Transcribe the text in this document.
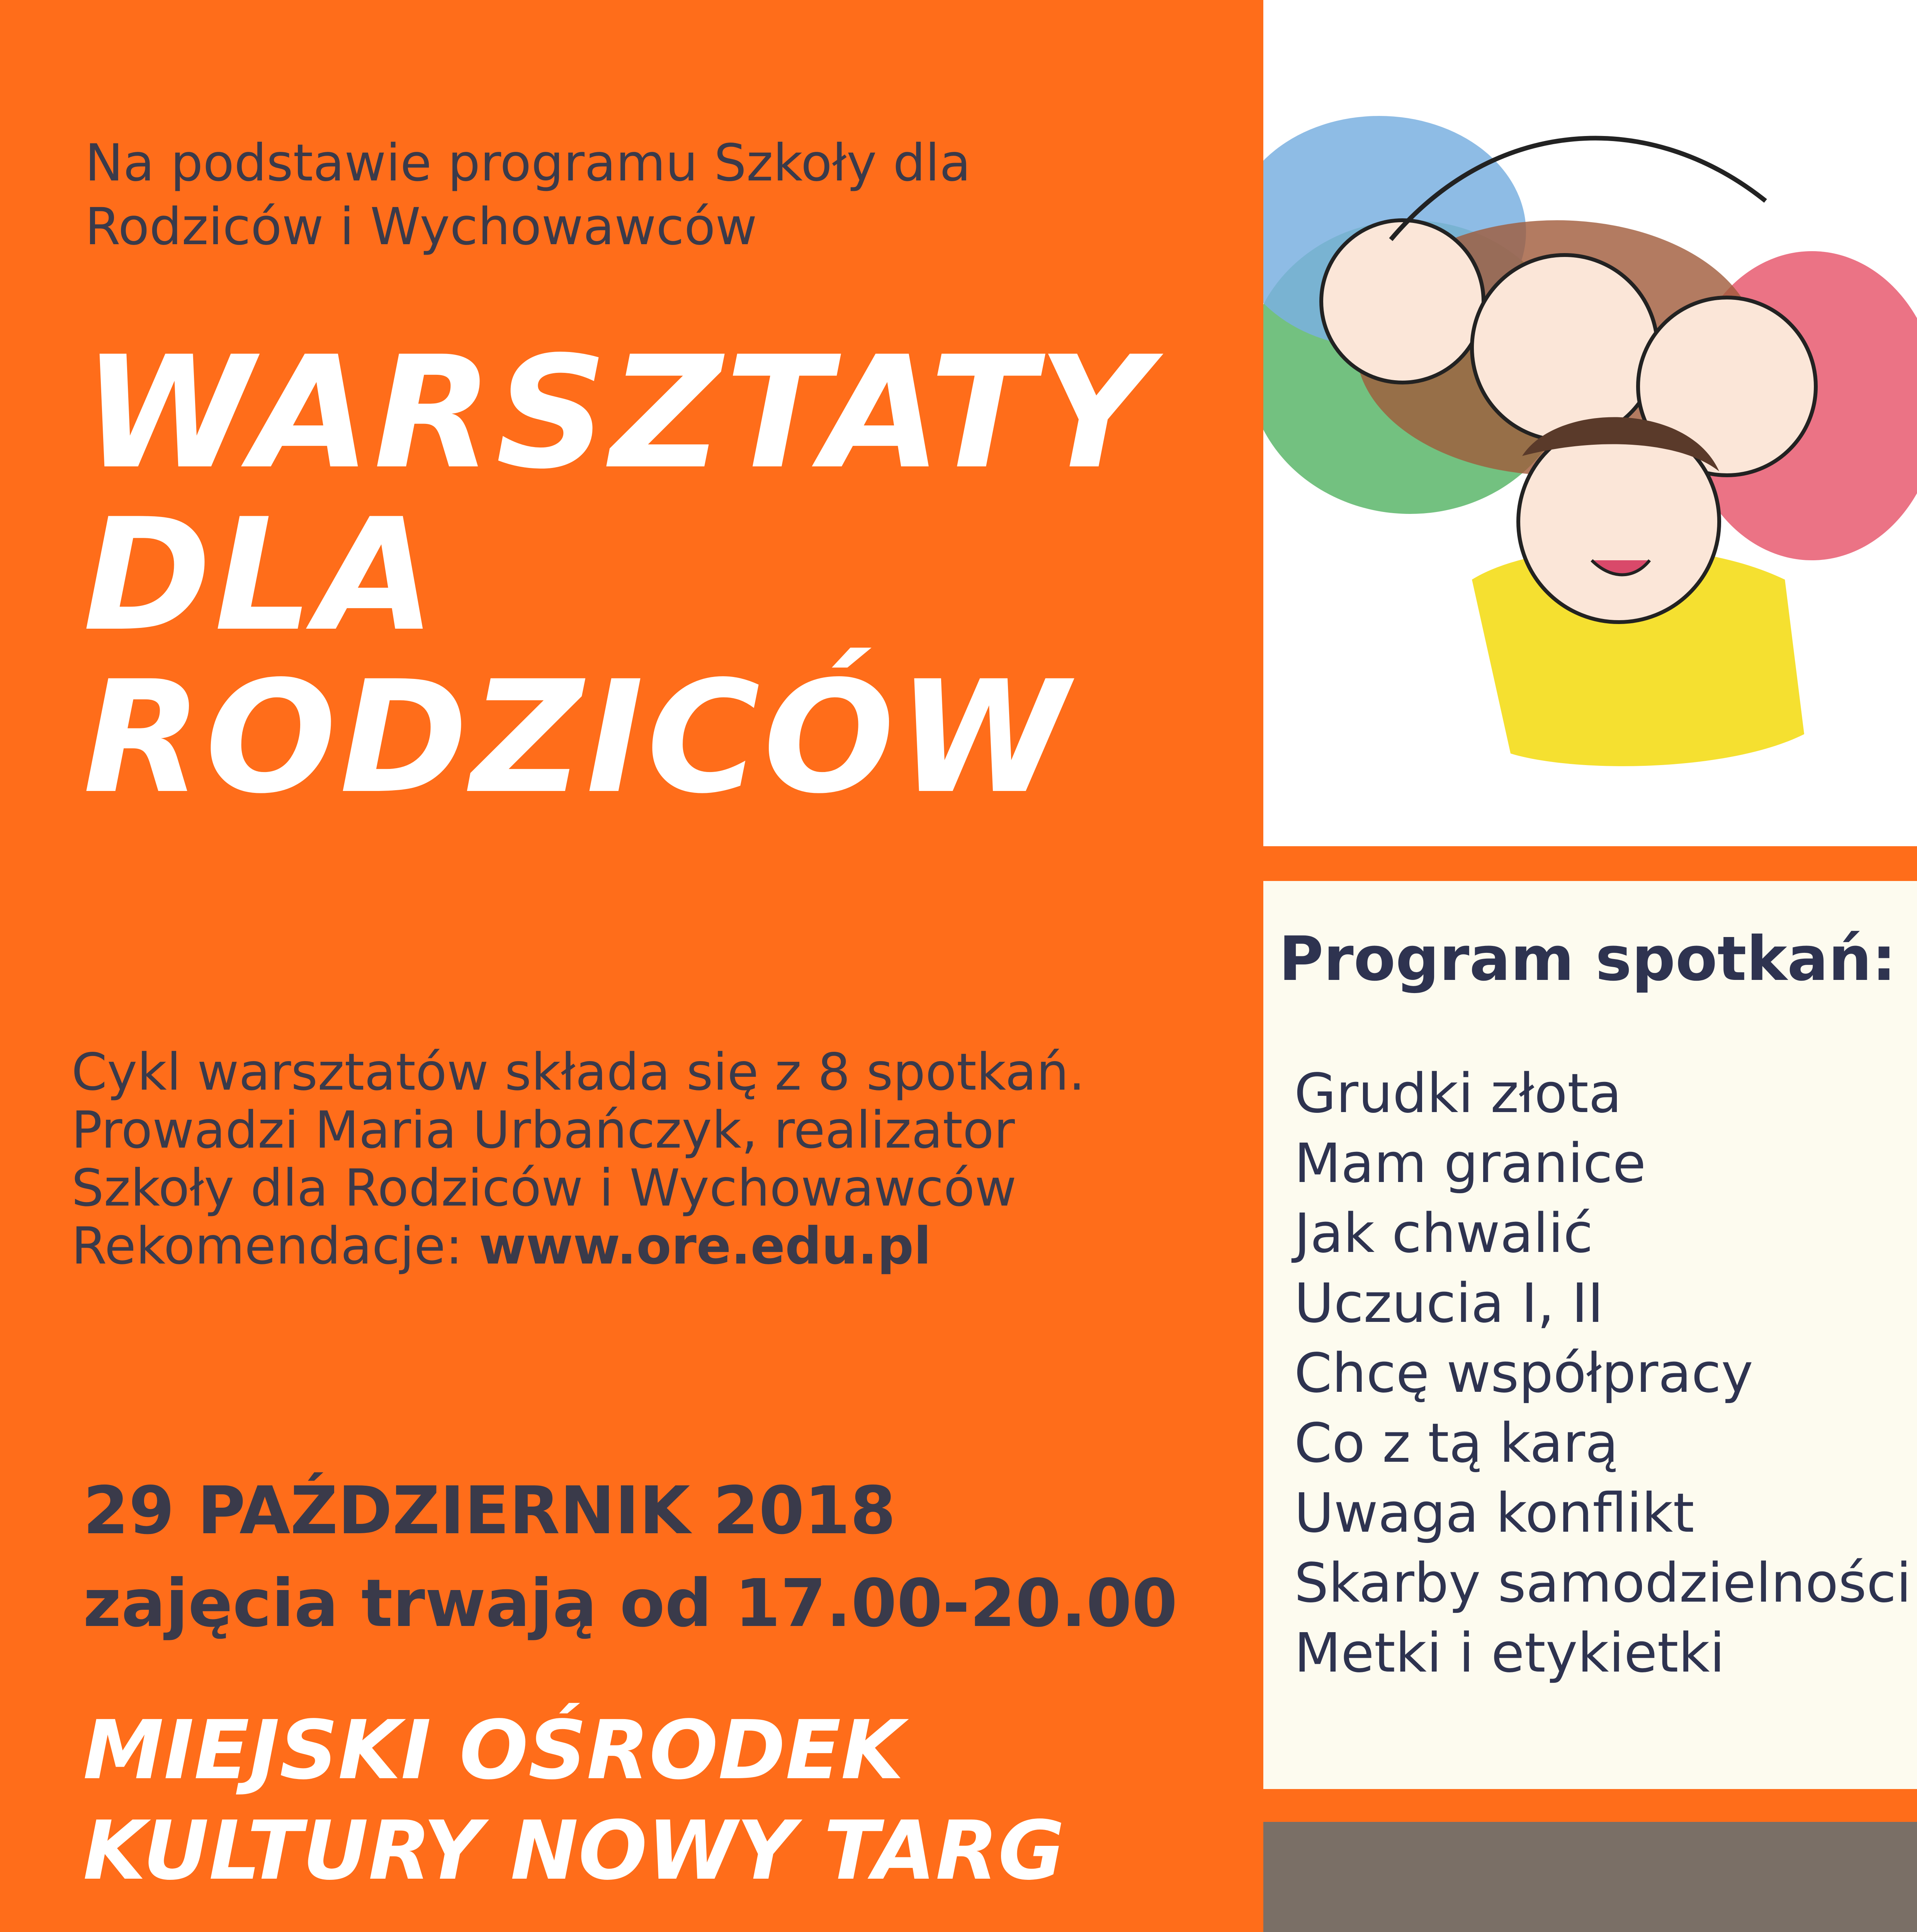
Na podstawie programu Szkoły dla
Rodziców i Wychowawców
WARSZTATY
DLA
RODZICÓW
Cykl warsztatów składa się z 8 spotkań.
Prowadzi Maria Urbańczyk, realizator
Szkoły dla Rodziców i Wychowawców
Rekomendacje: www.ore.edu.pl
29 PAŹDZIERNIK 2018
zajęcia trwają od 17.00-20.00
MIEJSKI OŚRODEK
KULTURY NOWY TARG
Program spotkań:
Grudki złota
Mam granice
Jak chwalić
Uczucia I, II
Chcę współpracy
Co z tą karą
Uwaga konflikt
Skarby samodzielności
Metki i etykietki
